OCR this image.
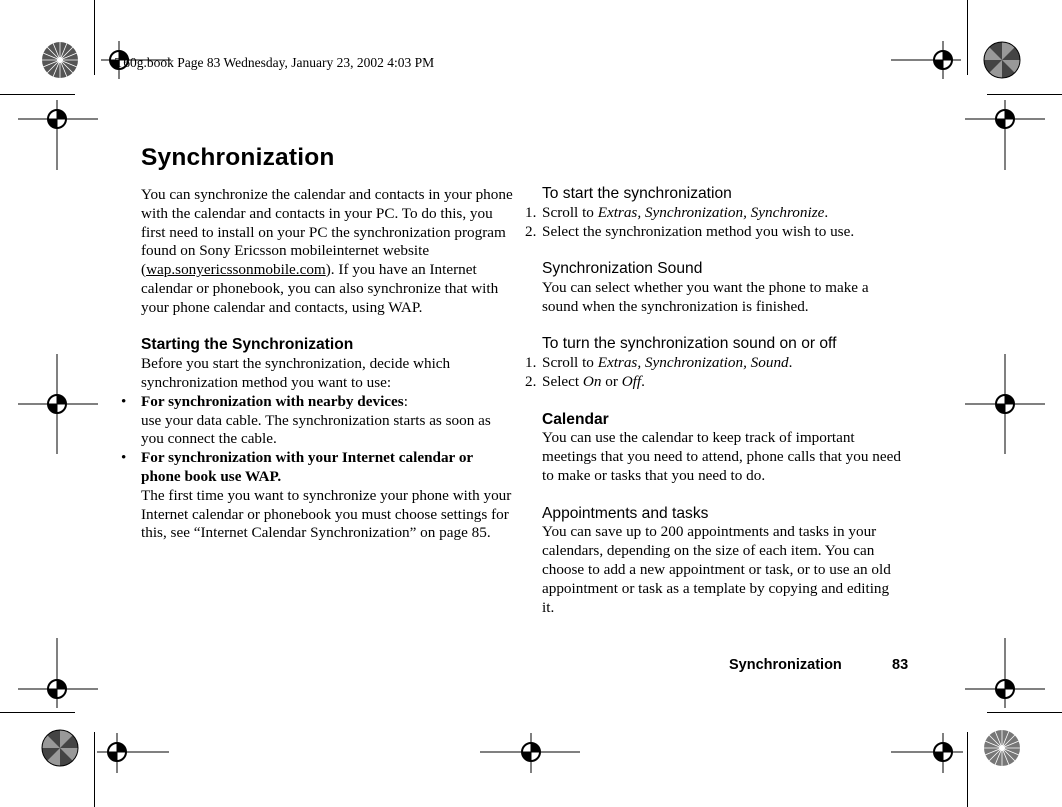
T60g.book Page 83 Wednesday, January 23, 2002 4:03 PM
Synchronization

You can synchronize the calendar and contacts in your phone with the calendar and contacts in your PC. To do this, you first need to install on your PC the synchronization program found on Sony Ericsson mobileinternet website (wap.sonyericssonmobile.com). If you have an Internet calendar or phonebook, you can also synchronize that with your phone calendar and contacts, using WAP.

Starting the Synchronization

Before you start the synchronization, decide which synchronization method you want to use:

• For synchronization with nearby devices:
use your data cable. The synchronization starts as soon as you connect the cable.
• For synchronization with your Internet calendar or phone book use WAP.
The first time you want to synchronize your phone with your Internet calendar or phonebook you must choose settings for this, see “Internet Calendar Synchronization” on page 85.

To start the synchronization

1. Scroll to Extras, Synchronization, Synchronize.
2. Select the synchronization method you wish to use.

Synchronization Sound

You can select whether you want the phone to make a sound when the synchronization is finished.

To turn the synchronization sound on or off

1. Scroll to Extras, Synchronization, Sound.
2. Select On or Off.

Calendar

You can use the calendar to keep track of important meetings that you need to attend, phone calls that you need to make or tasks that you need to do.

Appointments and tasks

You can save up to 200 appointments and tasks in your calendars, depending on the size of each item. You can choose to add a new appointment or task, or to use an old appointment or task as a template by copying and editing it.

Synchronization	83
